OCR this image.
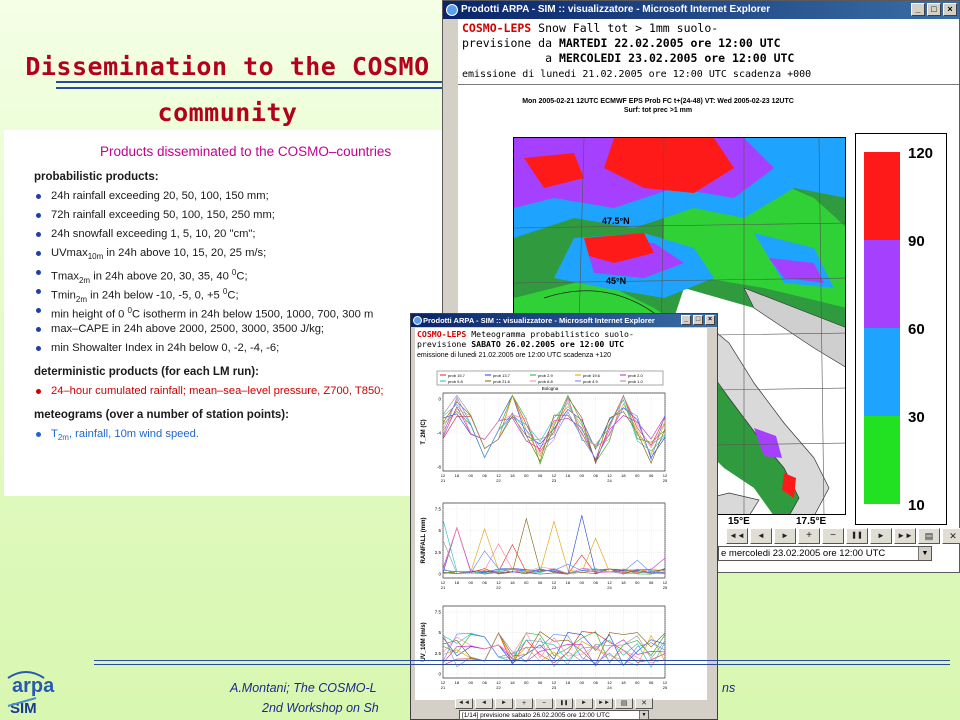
Dissemination to the COSMO
community
Products disseminated to the COSMO–countries
probabilistic products:
24h rainfall exceeding 20, 50, 100, 150 mm;
72h rainfall exceeding 50, 100, 150, 250 mm;
24h snowfall exceeding 1, 5, 10, 20 "cm";
UVmax$_{10m}$ in 24h above 10, 15, 20, 25 m/s;
Tmax$_{2m}$ in 24h above 20, 30, 35, 40 $^0$C;
Tmin$_{2m}$ in 24h below -10, -5, 0, +5 $^0$C;
min height of 0 $^0$C isotherm in 24h below 1500, 1000, 700, 300 m
max–CAPE in 24h above 2000, 2500, 3000, 3500 J/kg;
min Showalter Index in 24h below 0, -2, -4, -6;
deterministic products (for each LM run):
24–hour cumulated rainfall; mean–sea–level pressure, Z700, T850;
meteograms (over a number of station points):
$T_{2m}$, rainfall, 10m wind speed.
Prodotti ARPA - SIM :: visualizzatore - Microsoft Internet Explorer	_	□	×
COSMO-LEPS Snow Fall tot > 1mm suolo-
previsione da MARTEDI 22.02.2005 ore 12:00 UTC
a MERCOLEDI 23.02.2005 ore 12:00 UTC
emissione di lunedi 21.02.2005 ore 12:00 UTC scadenza +000
Mon 2005-02-21 12UTC ECMWF EPS Prob FC t+(24-48) VT: Wed 2005-02-23 12UTC
Surf: tot prec >1 mm
47.5°N
45°N
15°E	17.5°E
120
90
60
30
10
◄◄	◄	►	+	−	❚❚	►	►►	▤	✕
e mercoledi 23.02.2005 ore 12:00 UTC	▼
Prodotti ARPA - SIM :: visualizzatore - Microsoft Internet Explorer	_	□	×
COSMO-LEPS Meteogramma probabilistico suolo-
previsione SABATO 26.02.2005 ore 12:00 UTC
emissione di lunedi 21.02.2005 ore 12:00 UTC scadenza +120
prob 15.7	prob 13.7	prob 2.9	prob 19.6	prob 2.0
prob 9.8	prob 21.6	prob 8.8	prob 4.9	prob 1.0
Bologna
0
-4
-8
T_2M (C)
12 18 00 06 12 18 00 06 12 18 00 06 12 18 00 06 12
21	22	23	24	25
7.5
5
2.5
0
RAINFALL (mm)
12 18 00 06 12 18 00 06 12 18 00 06 12 18 00 06 12
21	22	23	24	25
7.5
5
2.5
0
UV_10M (m/s)
12 18 00 06 12 18 00 06 12 18 00 06 12 18 00 06 12
21	22	23	24	25
◄◄	◄	►	+	−	❚❚	►	►►	▤	✕
[1/14] previsione sabato 26.02.2005 ore 12:00 UTC	▼
arpa
SIM
A.Montani; The COSMO-L	ns
2nd Workshop on Sh
